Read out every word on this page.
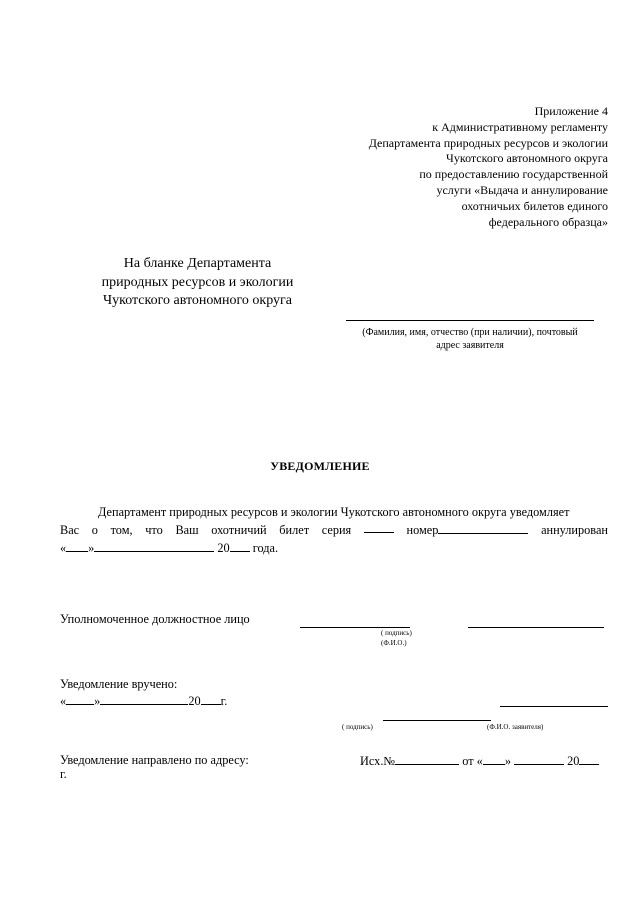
Приложение 4
к Административному регламенту
Департамента природных ресурсов и экологии
Чукотского автономного округа
по предоставлению государственной
услуги «Выдача и аннулирование
охотничьих билетов единого
федерального образца»
На бланке Департамента
природных ресурсов и экологии
Чукотского автономного округа
(Фамилия, имя, отчество (при наличии), почтовый
адрес заявителя
УВЕДОМЛЕНИЕ
Департамент природных ресурсов и экологии Чукотского автономного округа уведомляет
Вас о том, что Ваш охотничий билет серия	номер	аннулирован
« »	20 года.
Уполномоченное должностное лицо
( подпись)
(Ф.И.О.)
Уведомление вручено:
« »	20 г.
( подпись)	(Ф.И.О. заявителя)
Уведомление направлено по адресу:
г.
Исх.№	от « »	20
